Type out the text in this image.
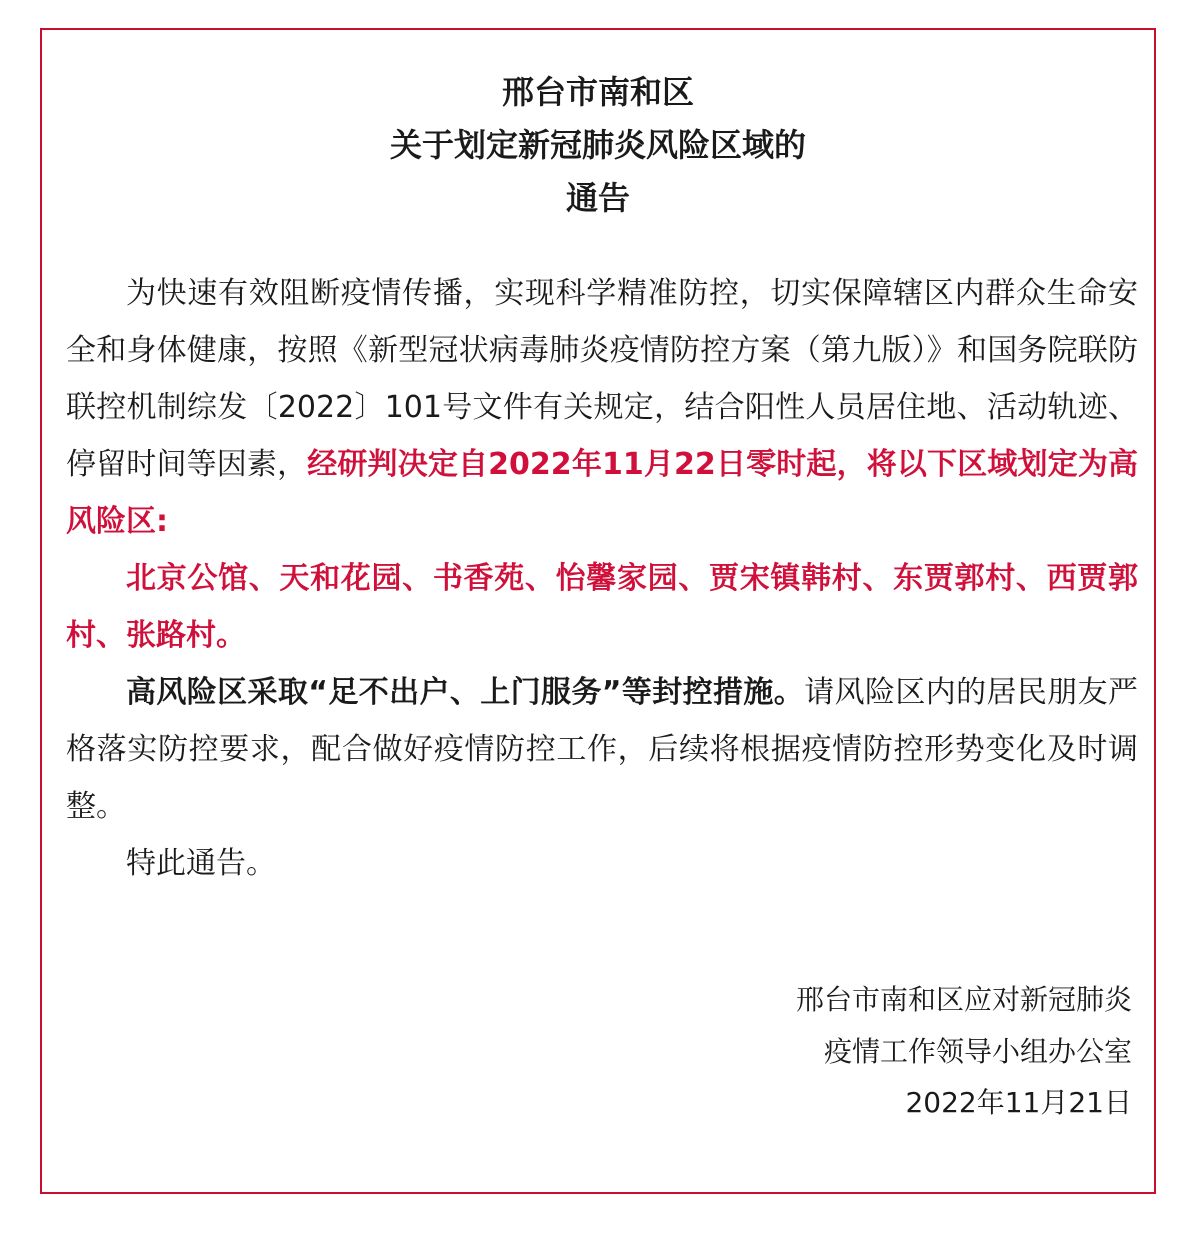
邢台市南和区
关于划定新冠肺炎风险区域的
通告

为快速有效阻断疫情传播，实现科学精准防控，切实保障辖区内群众生命安全和身体健康，按照《新型冠状病毒肺炎疫情防控方案（第九版）》和国务院联防联控机制综发〔2022〕101号文件有关规定，结合阳性人员居住地、活动轨迹、停留时间等因素，经研判决定自2022年11月22日零时起，将以下区域划定为高风险区:

北京公馆、天和花园、书香苑、怡馨家园、贾宋镇韩村、东贾郭村、西贾郭村、张路村。

高风险区采取“足不出户、上门服务”等封控措施。请风险区内的居民朋友严格落实防控要求，配合做好疫情防控工作，后续将根据疫情防控形势变化及时调整。

特此通告。

邢台市南和区应对新冠肺炎
疫情工作领导小组办公室
2022年11月21日
